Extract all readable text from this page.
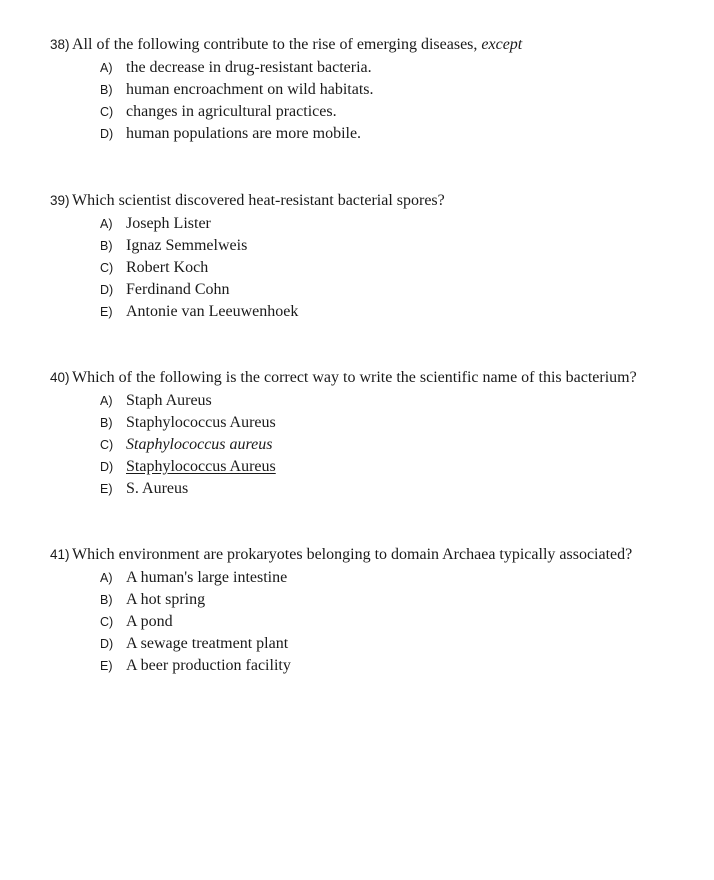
38) All of the following contribute to the rise of emerging diseases, except
A) the decrease in drug-resistant bacteria.
B) human encroachment on wild habitats.
C) changes in agricultural practices.
D) human populations are more mobile.
39) Which scientist discovered heat-resistant bacterial spores?
A) Joseph Lister
B) Ignaz Semmelweis
C) Robert Koch
D) Ferdinand Cohn
E) Antonie van Leeuwenhoek
40) Which of the following is the correct way to write the scientific name of this bacterium?
A) Staph Aureus
B) Staphylococcus Aureus
C) Staphylococcus aureus
D) Staphylococcus Aureus
E) S. Aureus
41) Which environment are prokaryotes belonging to domain Archaea typically associated?
A) A human's large intestine
B) A hot spring
C) A pond
D) A sewage treatment plant
E) A beer production facility
